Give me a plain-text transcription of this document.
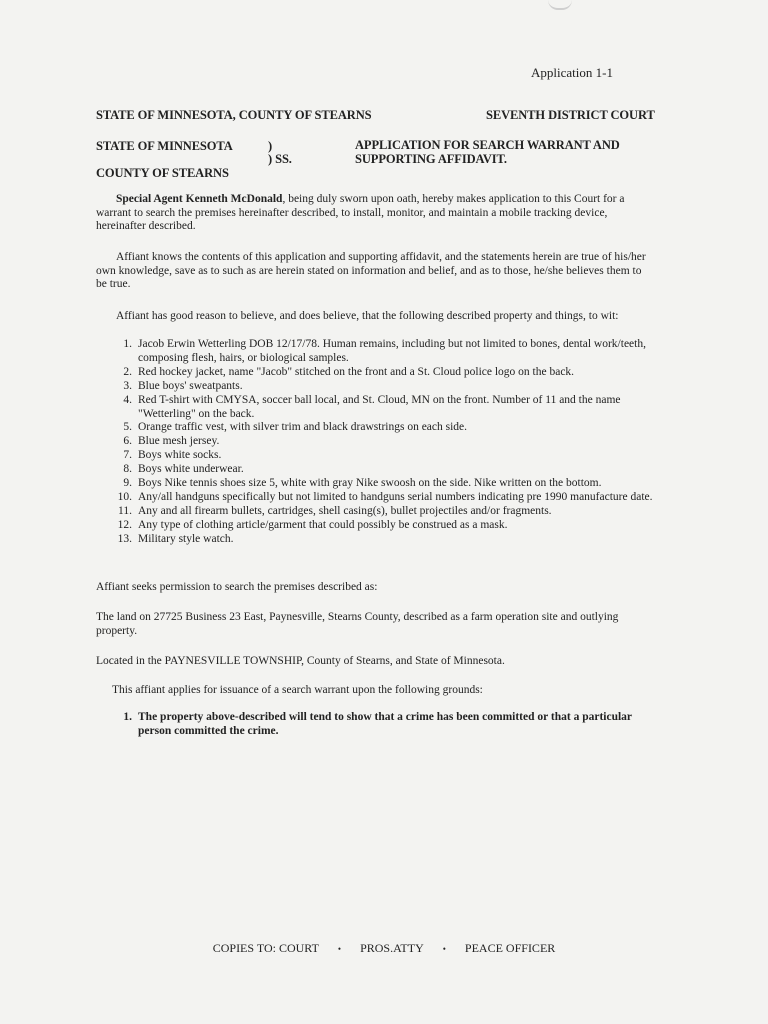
Application 1-1
STATE OF MINNESOTA, COUNTY OF STEARNS	SEVENTH DISTRICT COURT
STATE OF MINNESOTA	)
) SS.
COUNTY OF STEARNS
APPLICATION FOR SEARCH WARRANT AND SUPPORTING AFFIDAVIT.
Special Agent Kenneth McDonald, being duly sworn upon oath, hereby makes application to this Court for a warrant to search the premises hereinafter described, to install, monitor, and maintain a mobile tracking device, hereinafter described.
Affiant knows the contents of this application and supporting affidavit, and the statements herein are true of his/her own knowledge, save as to such as are herein stated on information and belief, and as to those, he/she believes them to be true.
Affiant has good reason to believe, and does believe, that the following described property and things, to wit:
1. Jacob Erwin Wetterling DOB 12/17/78. Human remains, including but not limited to bones, dental work/teeth, composing flesh, hairs, or biological samples.
2. Red hockey jacket, name "Jacob" stitched on the front and a St. Cloud police logo on the back.
3. Blue boys' sweatpants.
4. Red T-shirt with CMYSA, soccer ball local, and St. Cloud, MN on the front. Number of 11 and the name "Wetterling" on the back.
5. Orange traffic vest, with silver trim and black drawstrings on each side.
6. Blue mesh jersey.
7. Boys white socks.
8. Boys white underwear.
9. Boys Nike tennis shoes size 5, white with gray Nike swoosh on the side. Nike written on the bottom.
10. Any/all handguns specifically but not limited to handguns serial numbers indicating pre 1990 manufacture date.
11. Any and all firearm bullets, cartridges, shell casing(s), bullet projectiles and/or fragments.
12. Any type of clothing article/garment that could possibly be construed as a mask.
13. Military style watch.
Affiant seeks permission to search the premises described as:
The land on 27725 Business 23 East, Paynesville, Stearns County, described as a farm operation site and outlying property.
Located in the PAYNESVILLE TOWNSHIP, County of Stearns, and State of Minnesota.
This affiant applies for issuance of a search warrant upon the following grounds:
1. The property above-described will tend to show that a crime has been committed or that a particular person committed the crime.
COPIES TO: COURT • PROS.ATTY • PEACE OFFICER
